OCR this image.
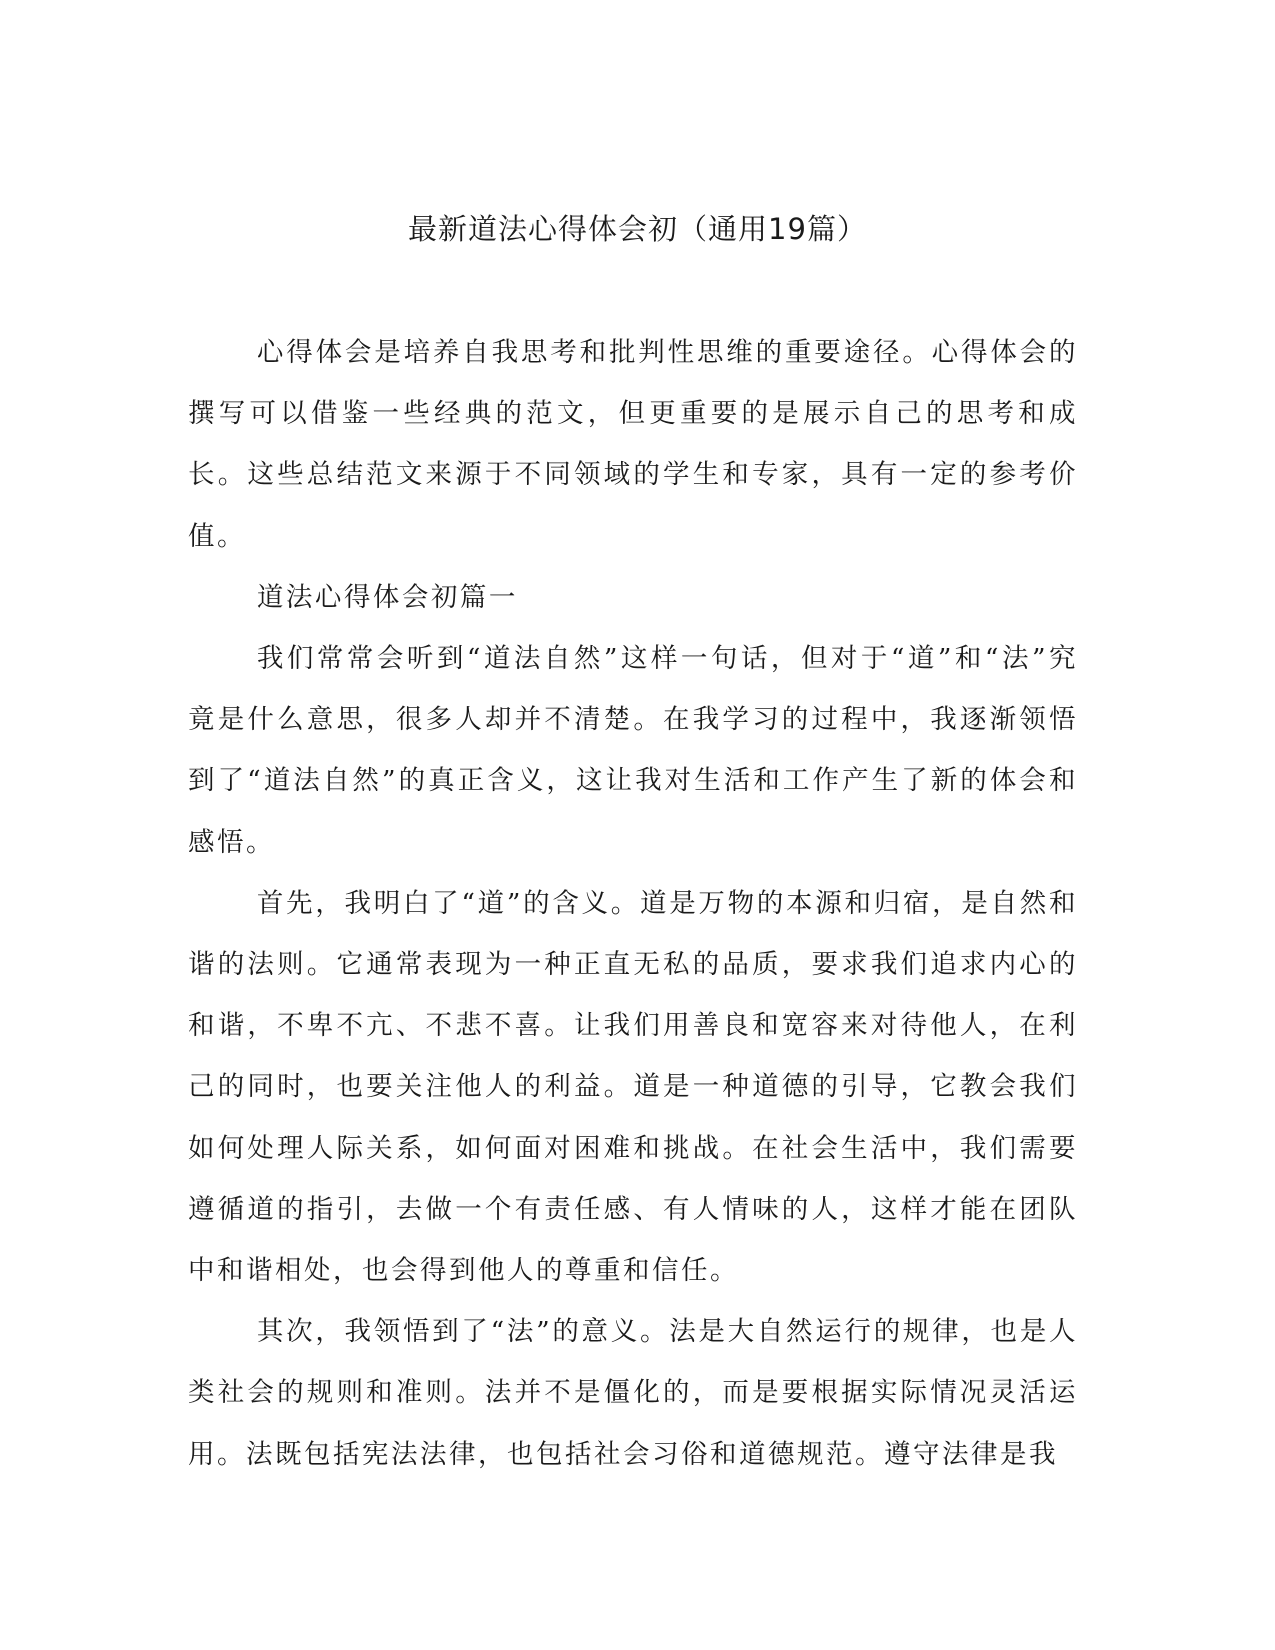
最新道法心得体会初（通用19篇）

心得体会是培养自我思考和批判性思维的重要途径。心得体会的撰写可以借鉴一些经典的范文，但更重要的是展示自己的思考和成长。这些总结范文来源于不同领域的学生和专家，具有一定的参考价值。

道法心得体会初篇一

我们常常会听到“道法自然”这样一句话，但对于“道”和“法”究竟是什么意思，很多人却并不清楚。在我学习的过程中，我逐渐领悟到了“道法自然”的真正含义，这让我对生活和工作产生了新的体会和感悟。

首先，我明白了“道”的含义。道是万物的本源和归宿，是自然和谐的法则。它通常表现为一种正直无私的品质，要求我们追求内心的和谐，不卑不亢、不悲不喜。让我们用善良和宽容来对待他人，在利己的同时，也要关注他人的利益。道是一种道德的引导，它教会我们如何处理人际关系，如何面对困难和挑战。在社会生活中，我们需要遵循道的指引，去做一个有责任感、有人情味的人，这样才能在团队中和谐相处，也会得到他人的尊重和信任。

其次，我领悟到了“法”的意义。法是大自然运行的规律，也是人类社会的规则和准则。法并不是僵化的，而是要根据实际情况灵活运用。法既包括宪法法律，也包括社会习俗和道德规范。遵守法律是我
